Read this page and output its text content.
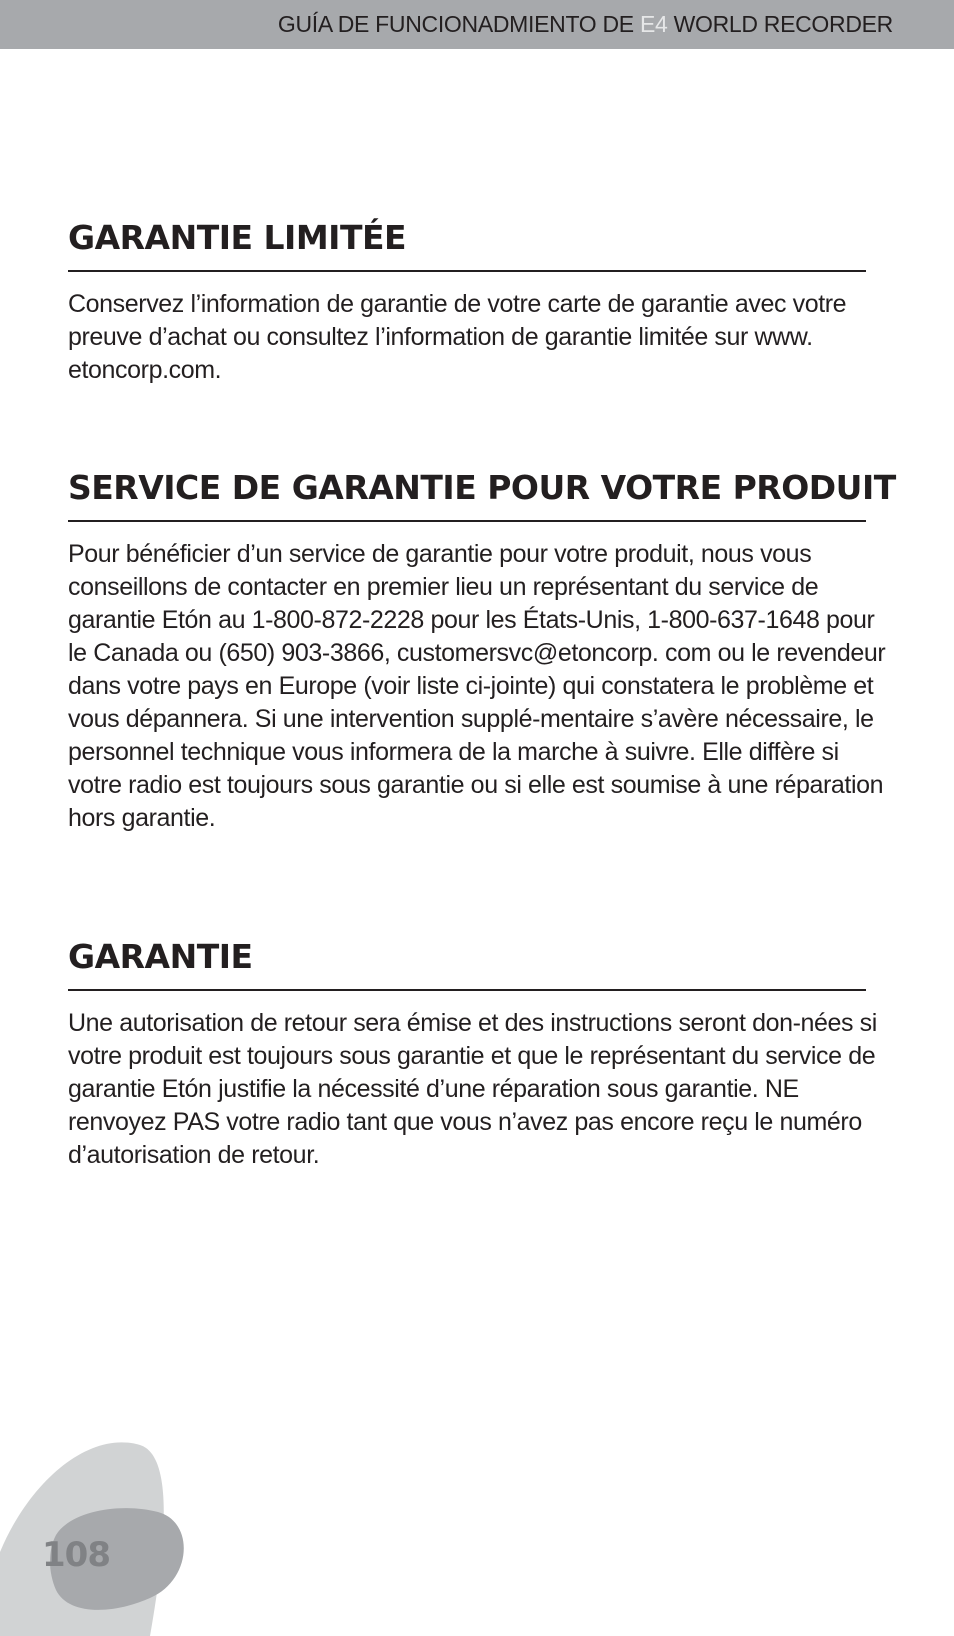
GUÍA DE FUNCIONADMIENTO DE E4 WORLD RECORDER
GARANTIE LIMITÉE

Conservez l’information de garantie de votre carte de garantie avec votre preuve d’achat ou consultez l’information de garantie limitée sur www. etoncorp.com.

SERVICE DE GARANTIE POUR VOTRE PRODUIT

Pour bénéficier d’un service de garantie pour votre produit, nous vous conseillons de contacter en premier lieu un représentant du service de garantie Etón au 1-800-872-2228 pour les États-Unis, 1-800-637-1648 pour le Canada ou (650) 903-3866, customersvc@etoncorp. com ou le revendeur dans votre pays en Europe (voir liste ci-jointe) qui constatera le problème et vous dépannera. Si une intervention supplé-mentaire s’avère nécessaire, le personnel technique vous informera de la marche à suivre. Elle diffère si votre radio est toujours sous garantie ou si elle est soumise à une réparation hors garantie.

GARANTIE

Une autorisation de retour sera émise et des instructions seront don-nées si votre produit est toujours sous garantie et que le représentant du service de garantie Etón justifie la nécessité d’une réparation sous garantie. NE renvoyez PAS votre radio tant que vous n’avez pas encore reçu le numéro d’autorisation de retour.

108
